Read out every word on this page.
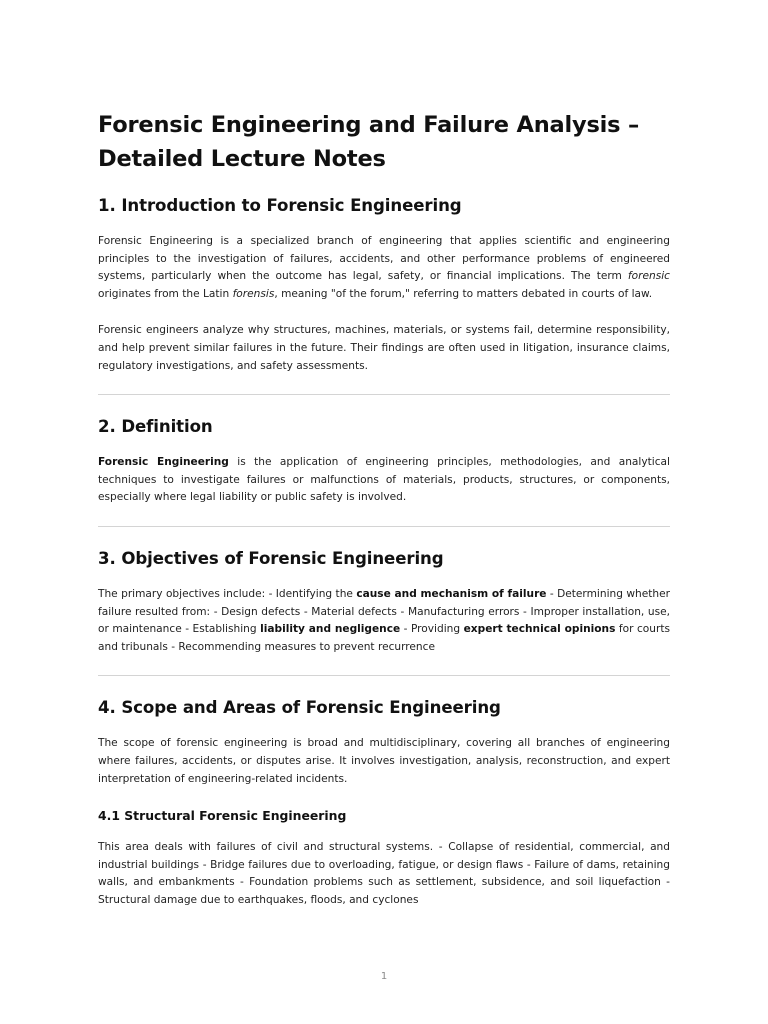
Forensic Engineering and Failure Analysis – Detailed Lecture Notes
1. Introduction to Forensic Engineering

Forensic Engineering is a specialized branch of engineering that applies scientific and engineering principles to the investigation of failures, accidents, and other performance problems of engineered systems, particularly when the outcome has legal, safety, or financial implications. The term forensic originates from the Latin forensis, meaning "of the forum," referring to matters debated in courts of law.

Forensic engineers analyze why structures, machines, materials, or systems fail, determine responsibility, and help prevent similar failures in the future. Their findings are often used in litigation, insurance claims, regulatory investigations, and safety assessments.

2. Definition

Forensic Engineering is the application of engineering principles, methodologies, and analytical techniques to investigate failures or malfunctions of materials, products, structures, or components, especially where legal liability or public safety is involved.

3. Objectives of Forensic Engineering

The primary objectives include: - Identifying the cause and mechanism of failure - Determining whether failure resulted from: - Design defects - Material defects - Manufacturing errors - Improper installation, use, or maintenance - Establishing liability and negligence - Providing expert technical opinions for courts and tribunals - Recommending measures to prevent recurrence

4. Scope and Areas of Forensic Engineering

The scope of forensic engineering is broad and multidisciplinary, covering all branches of engineering where failures, accidents, or disputes arise. It involves investigation, analysis, reconstruction, and expert interpretation of engineering-related incidents.

4.1 Structural Forensic Engineering

This area deals with failures of civil and structural systems. - Collapse of residential, commercial, and industrial buildings - Bridge failures due to overloading, fatigue, or design flaws - Failure of dams, retaining walls, and embankments - Foundation problems such as settlement, subsidence, and soil liquefaction - Structural damage due to earthquakes, floods, and cyclones

1
